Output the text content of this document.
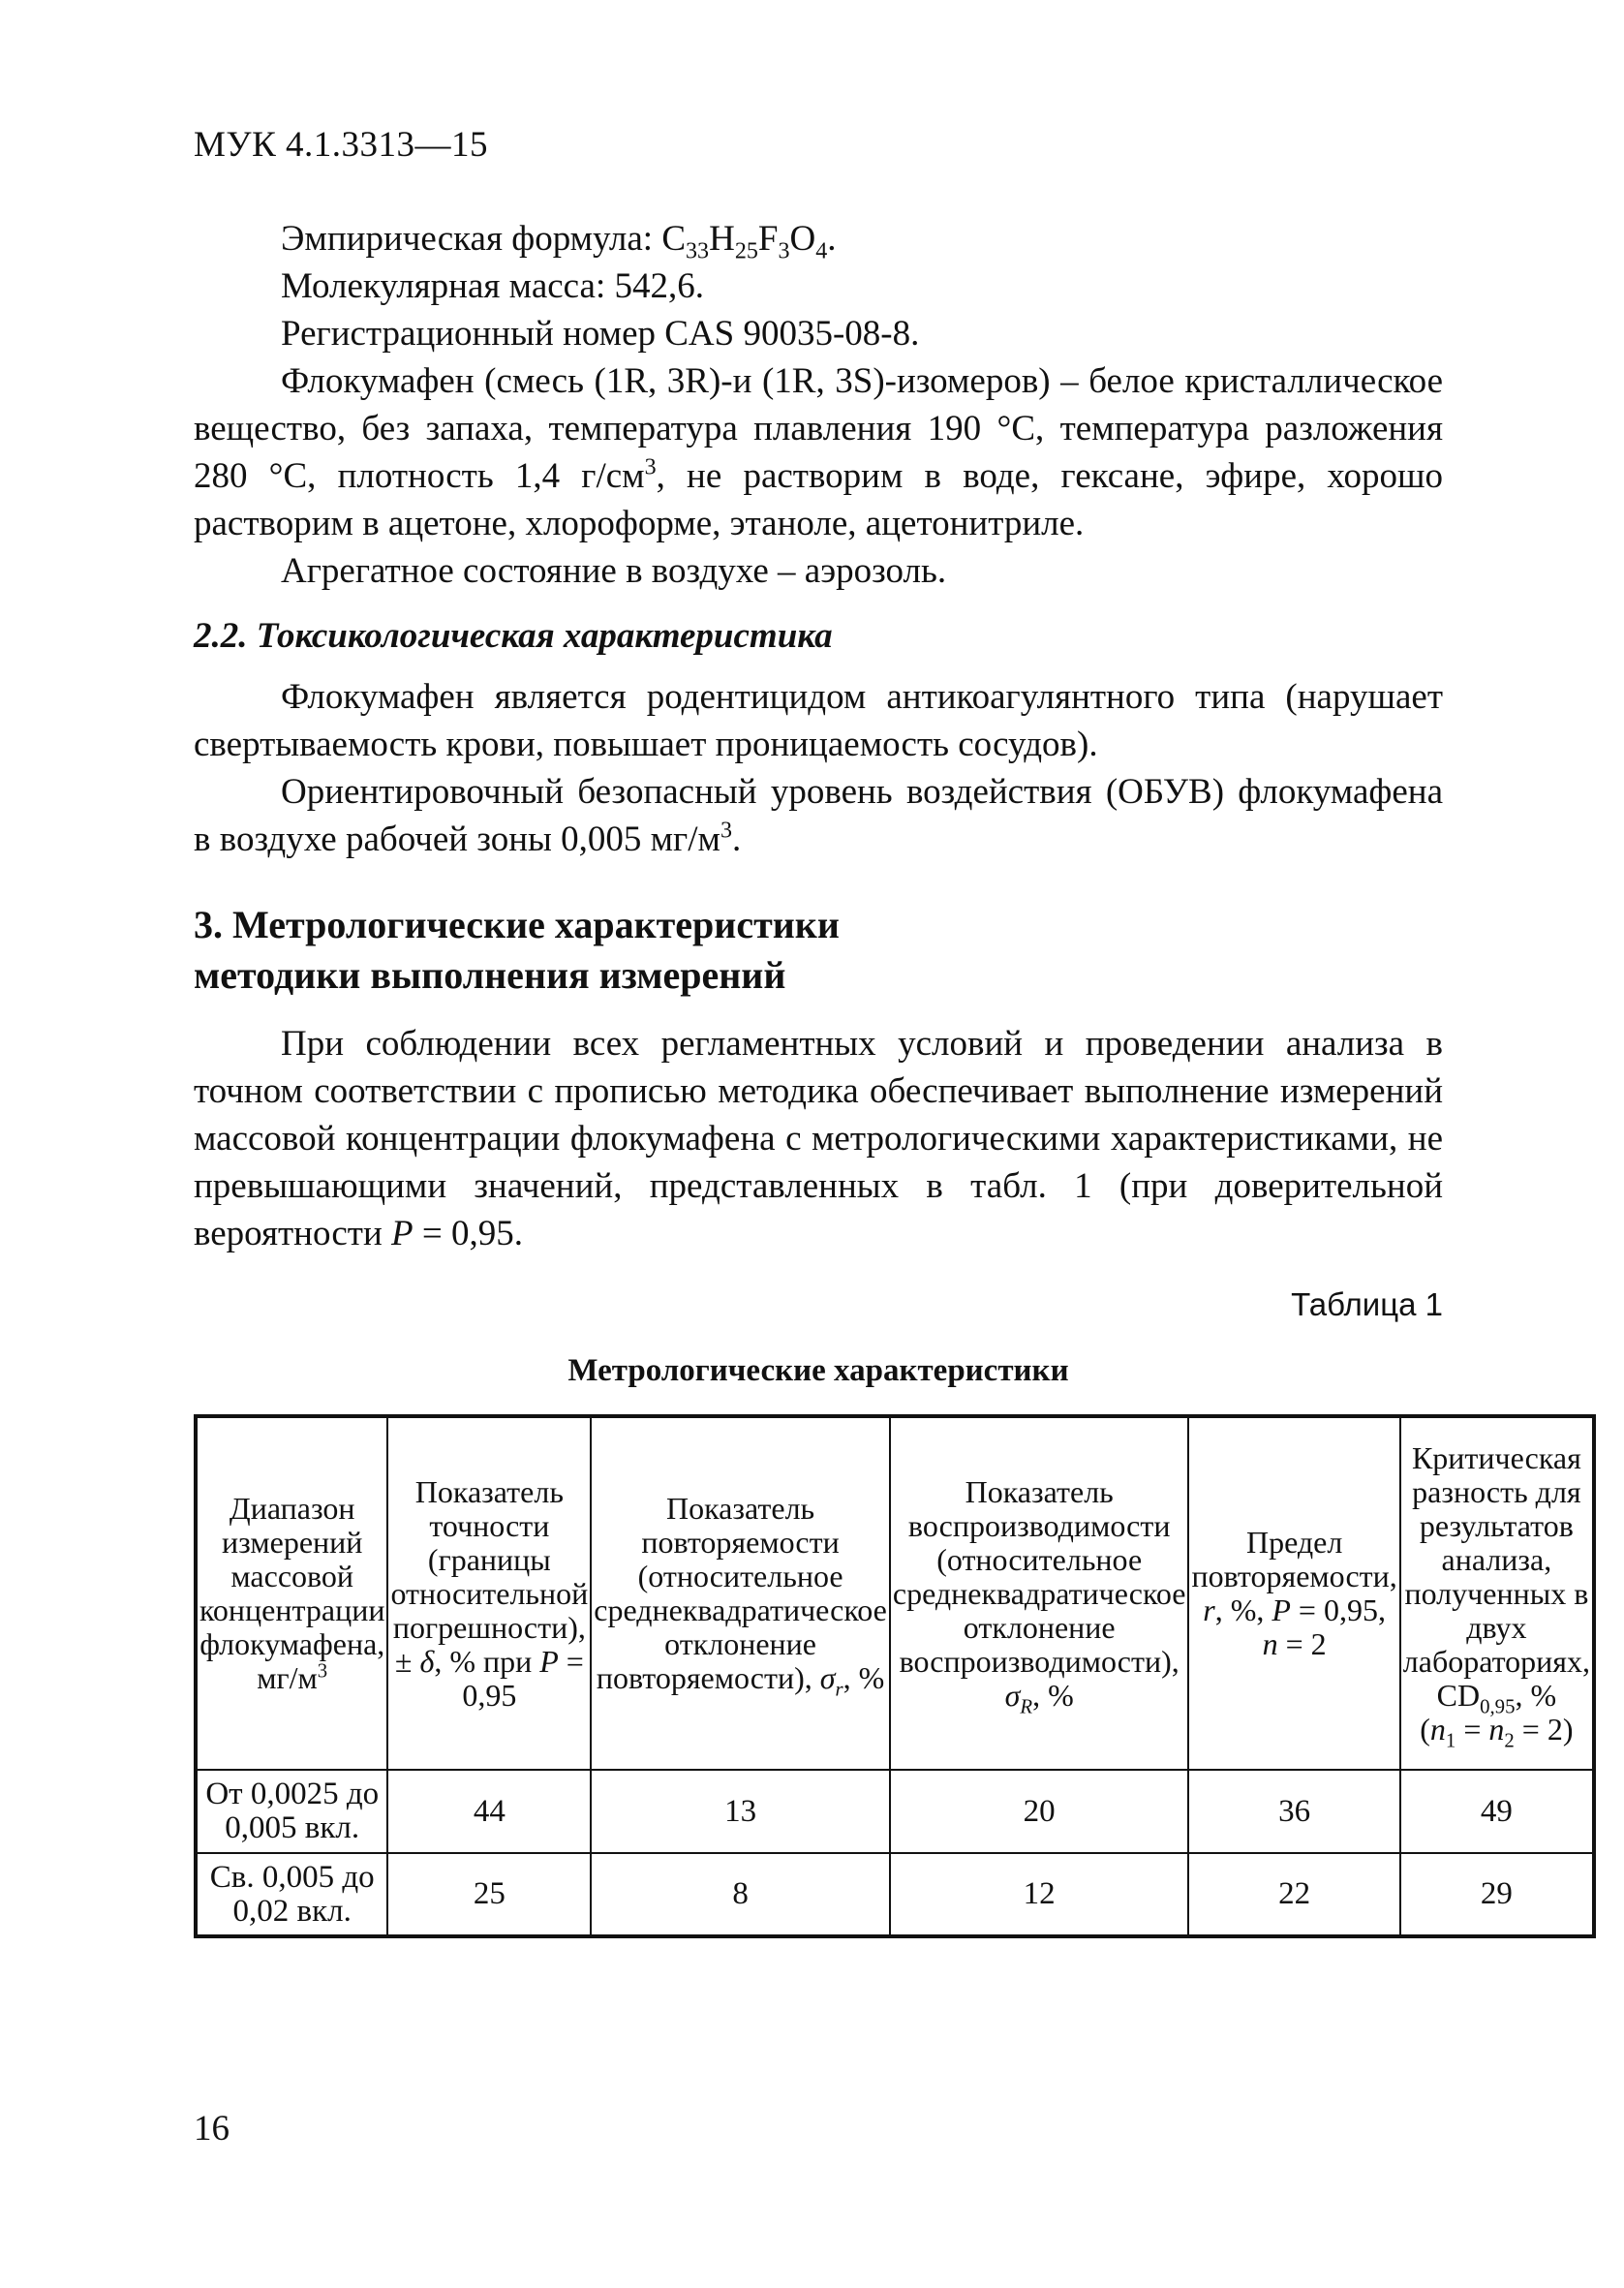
МУК 4.1.3313—15

Эмпирическая формула: $C_{33}H_{25}F_3O_4$.

Молекулярная масса: 542,6.

Регистрационный номер CAS 90035-08-8.

Флокумафен (смесь (1R, 3R)-и (1R, 3S)-изомеров) – белое кристаллическое вещество, без запаха, температура плавления 190 °С, температура разложения 280 °С, плотность 1,4 $г/см^3$, не растворим в воде, гексане, эфире, хорошо растворим в ацетоне, хлороформе, этаноле, ацетонитриле.

Агрегатное состояние в воздухе – аэрозоль.

2.2. Токсикологическая характеристика

Флокумафен является родентицидом антикоагулянтного типа (нарушает свертываемость крови, повышает проницаемость сосудов).

Ориентировочный безопасный уровень воздействия (ОБУВ) флокумафена в воздухе рабочей зоны 0,005 $мг/м^3$.

3. Метрологические характеристики
методики выполнения измерений

При соблюдении всех регламентных условий и проведении анализа в точном соответствии с прописью методика обеспечивает выполнение измерений массовой концентрации флокумафена с метрологическими характеристиками, не превышающими значений, представленных в табл. 1 (при доверительной вероятности P = 0,95.

Таблица 1

Метрологические характеристики

Диапазон измерений массовой концентрации флокумафена, $мг/м^3$	Показатель точности (границы относительной погрешности), ± δ, % при P = 0,95	Показатель повторяемости (относительное среднеквадратическое отклонение повторяемости), $\sigma_r$, %	Показатель воспроизводимости (относительное среднеквадратическое отклонение воспроизводимости), $\sigma_R$, %	Предел повторяемости, r, %, P = 0,95, n = 2	Критическая разность для результатов анализа, полученных в двух лабораториях, $CD_{0,95}$, %
$(n_1 = n_2 = 2)$
От 0,0025 до 0,005 вкл.	44	13	20	36	49
Св. 0,005 до 0,02 вкл.	25	8	12	22	29
16
